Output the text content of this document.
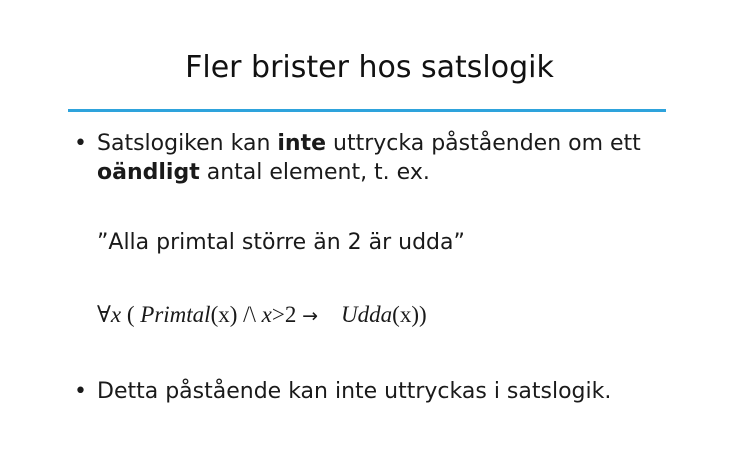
Fler brister hos satslogik
• Satslogiken kan inte uttrycka påståenden om ett
oändligt antal element, t. ex.
”Alla primtal större än 2 är udda”
∀x ( Primtal(x) /\ x>2 → Udda(x))
• Detta påstående kan inte uttryckas i satslogik.
